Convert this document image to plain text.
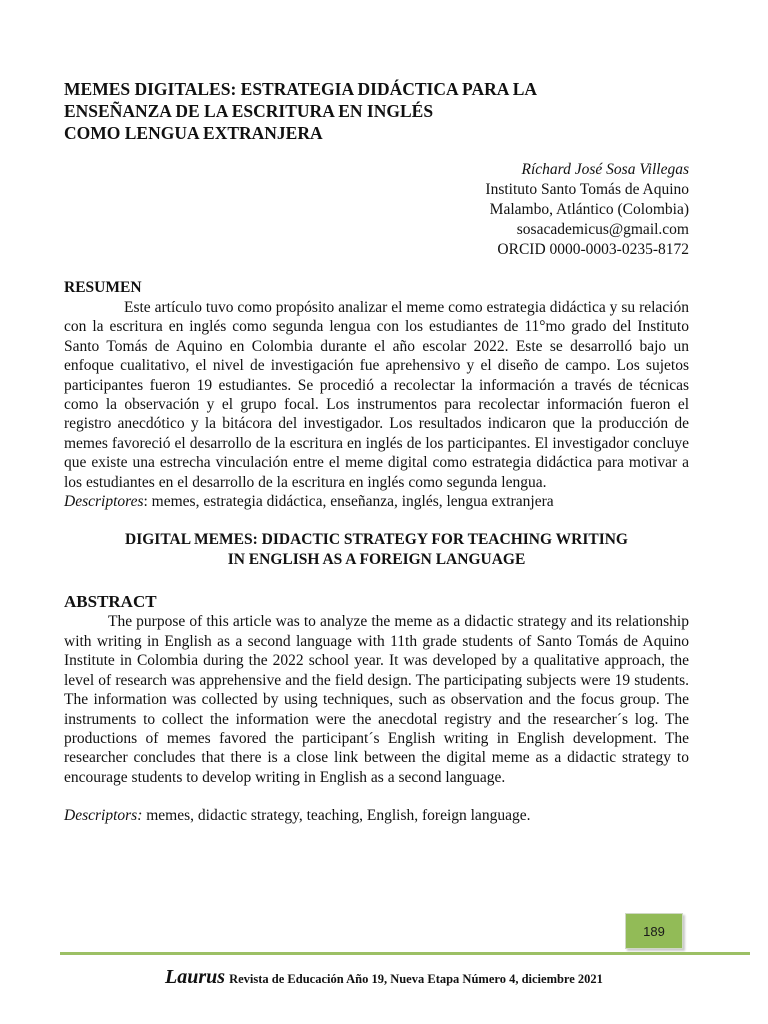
MEMES DIGITALES: ESTRATEGIA DIDÁCTICA PARA LA
ENSEÑANZA DE LA ESCRITURA EN INGLÉS
COMO LENGUA EXTRANJERA
Ríchard José Sosa Villegas
Instituto Santo Tomás de Aquino
Malambo, Atlántico (Colombia)
sosacademicus@gmail.com
ORCID 0000-0003-0235-8172
RESUMEN

Este artículo tuvo como propósito analizar el meme como estrategia didáctica y su relación con la escritura en inglés como segunda lengua con los estudiantes de 11°mo grado del Instituto Santo Tomás de Aquino en Colombia durante el año escolar 2022. Este se desarrolló bajo un enfoque cualitativo, el nivel de investigación fue aprehensivo y el diseño de campo. Los sujetos participantes fueron 19 estudiantes. Se procedió a recolectar la información a través de técnicas como la observación y el grupo focal. Los instrumentos para recolectar información fueron el registro anecdótico y la bitácora del investigador. Los resultados indicaron que la producción de memes favoreció el desarrollo de la escritura en inglés de los participantes. El investigador concluye que existe una estrecha vinculación entre el meme digital como estrategia didáctica para motivar a los estudiantes en el desarrollo de la escritura en inglés como segunda lengua.

Descriptores: memes, estrategia didáctica, enseñanza, inglés, lengua extranjera
DIGITAL MEMES: DIDACTIC STRATEGY FOR TEACHING WRITING
IN ENGLISH AS A FOREIGN LANGUAGE
ABSTRACT

The purpose of this article was to analyze the meme as a didactic strategy and its relationship with writing in English as a second language with 11th grade students of Santo Tomás de Aquino Institute in Colombia during the 2022 school year. It was developed by a qualitative approach, the level of research was apprehensive and the field design. The participating subjects were 19 students. The information was collected by using techniques, such as observation and the focus group. The instruments to collect the information were the anecdotal registry and the researcher´s log. The productions of memes favored the participant´s English writing in English development. The researcher concludes that there is a close link between the digital meme as a didactic strategy to encourage students to develop writing in English as a second language.

Descriptors: memes, didactic strategy, teaching, English, foreign language.
189
Laurus Revista de Educación Año 19, Nueva Etapa Número 4, diciembre 2021
